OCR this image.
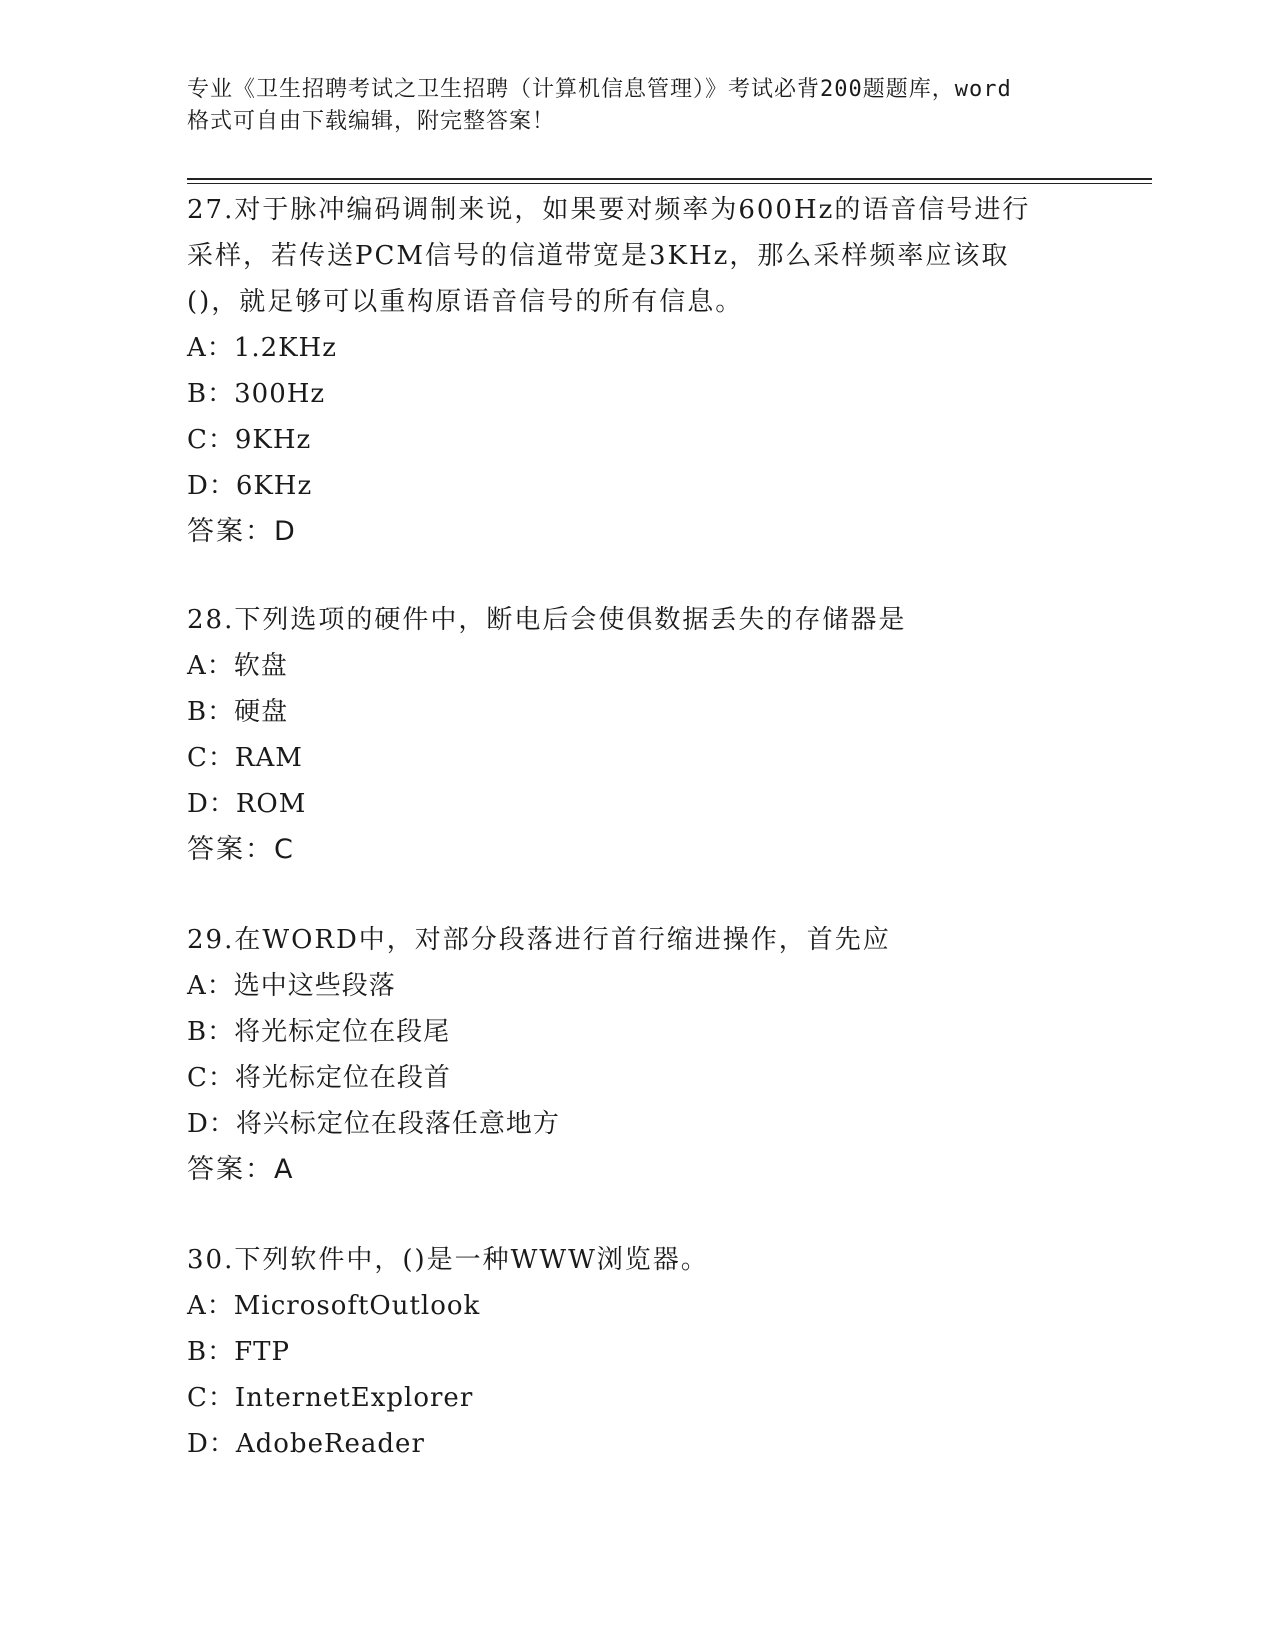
专业《卫生招聘考试之卫生招聘（计算机信息管理）》考试必背200题题库，word
格式可自由下载编辑，附完整答案！

27.对于脉冲编码调制来说，如果要对频率为600Hz的语音信号进行采样，若传送PCM信号的信道带宽是3KHz，那么采样频率应该取()，就足够可以重构原语音信号的所有信息。

A：1.2KHz
B：300Hz
C：9KHz
D：6KHz
答案：D

28.下列选项的硬件中，断电后会使俱数据丢失的存储器是

A：软盘
B：硬盘
C：RAM
D：ROM
答案：C

29.在WORD中，对部分段落进行首行缩进操作，首先应

A：选中这些段落
B：将光标定位在段尾
C：将光标定位在段首
D：将兴标定位在段落任意地方
答案：A

30.下列软件中，()是一种WWW浏览器。

A：MicrosoftOutlook
B：FTP
C：InternetExplorer
D：AdobeReader
